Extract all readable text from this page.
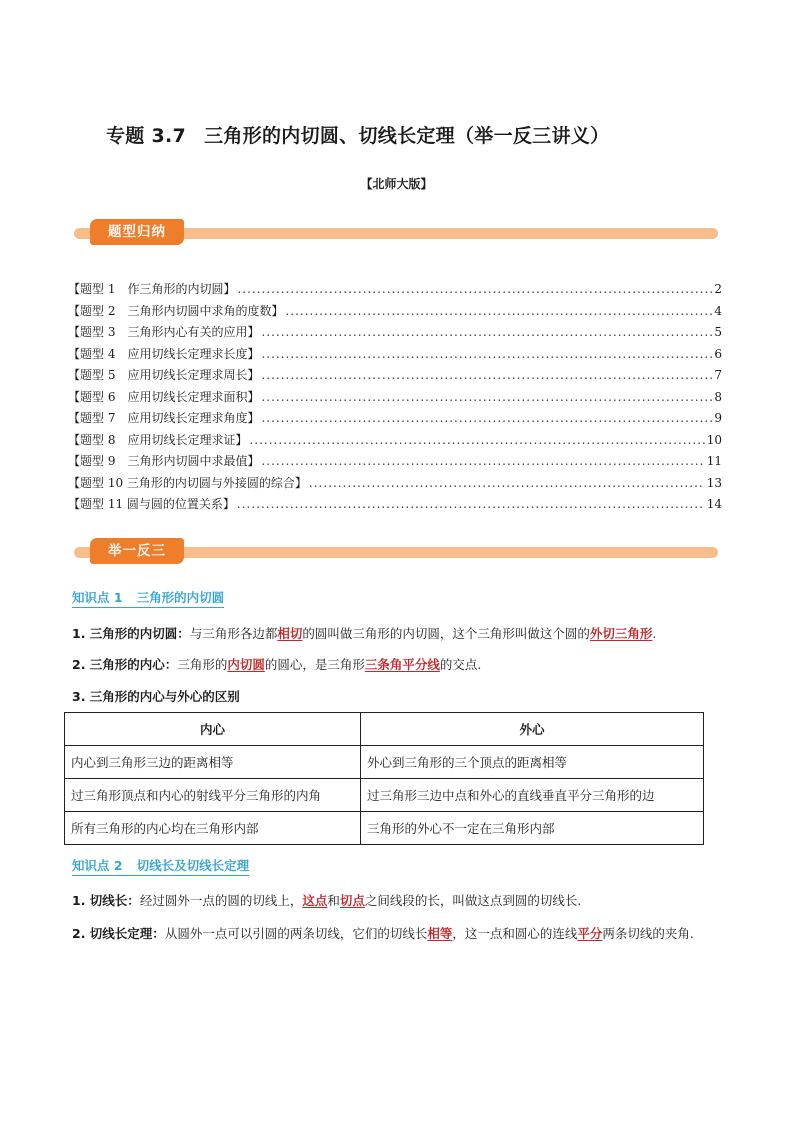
专题 3.7 三角形的内切圆、切线长定理（举一反三讲义）
【北师大版】
题型归纳
【题型 1　作三角形的内切圆】 .....	2
【题型 2　三角形内切圆中求角的度数】 .....	4
【题型 3　三角形内心有关的应用】 .....	5
【题型 4　应用切线长定理求长度】 .....	6
【题型 5　应用切线长定理求周长】 .....	7
【题型 6　应用切线长定理求面积】 .....	8
【题型 7　应用切线长定理求角度】 .....	9
【题型 8　应用切线长定理求证】 .....	10
【题型 9　三角形内切圆中求最值】 .....	11
【题型 10 三角形的内切圆与外接圆的综合】 .....	13
【题型 11 圆与圆的位置关系】 .....	14
举一反三
知识点 1 三角形的内切圆
1. 三角形的内切圆：与三角形各边都相切的圆叫做三角形的内切圆，这个三角形叫做这个圆的外切三角形.
2. 三角形的内心：三角形的内切圆的圆心，是三角形三条角平分线的交点.
3. 三角形的内心与外心的区别
内心	外心
内心到三角形三边的距离相等	外心到三角形的三个顶点的距离相等
过三角形顶点和内心的射线平分三角形的内角	过三角形三边中点和外心的直线垂直平分三角形的边
所有三角形的内心均在三角形内部	三角形的外心不一定在三角形内部
知识点 2 切线长及切线长定理
1. 切线长：经过圆外一点的圆的切线上，这点和切点之间线段的长，叫做这点到圆的切线长.
2. 切线长定理：从圆外一点可以引圆的两条切线，它们的切线长相等，这一点和圆心的连线平分两条切线的夹角.
